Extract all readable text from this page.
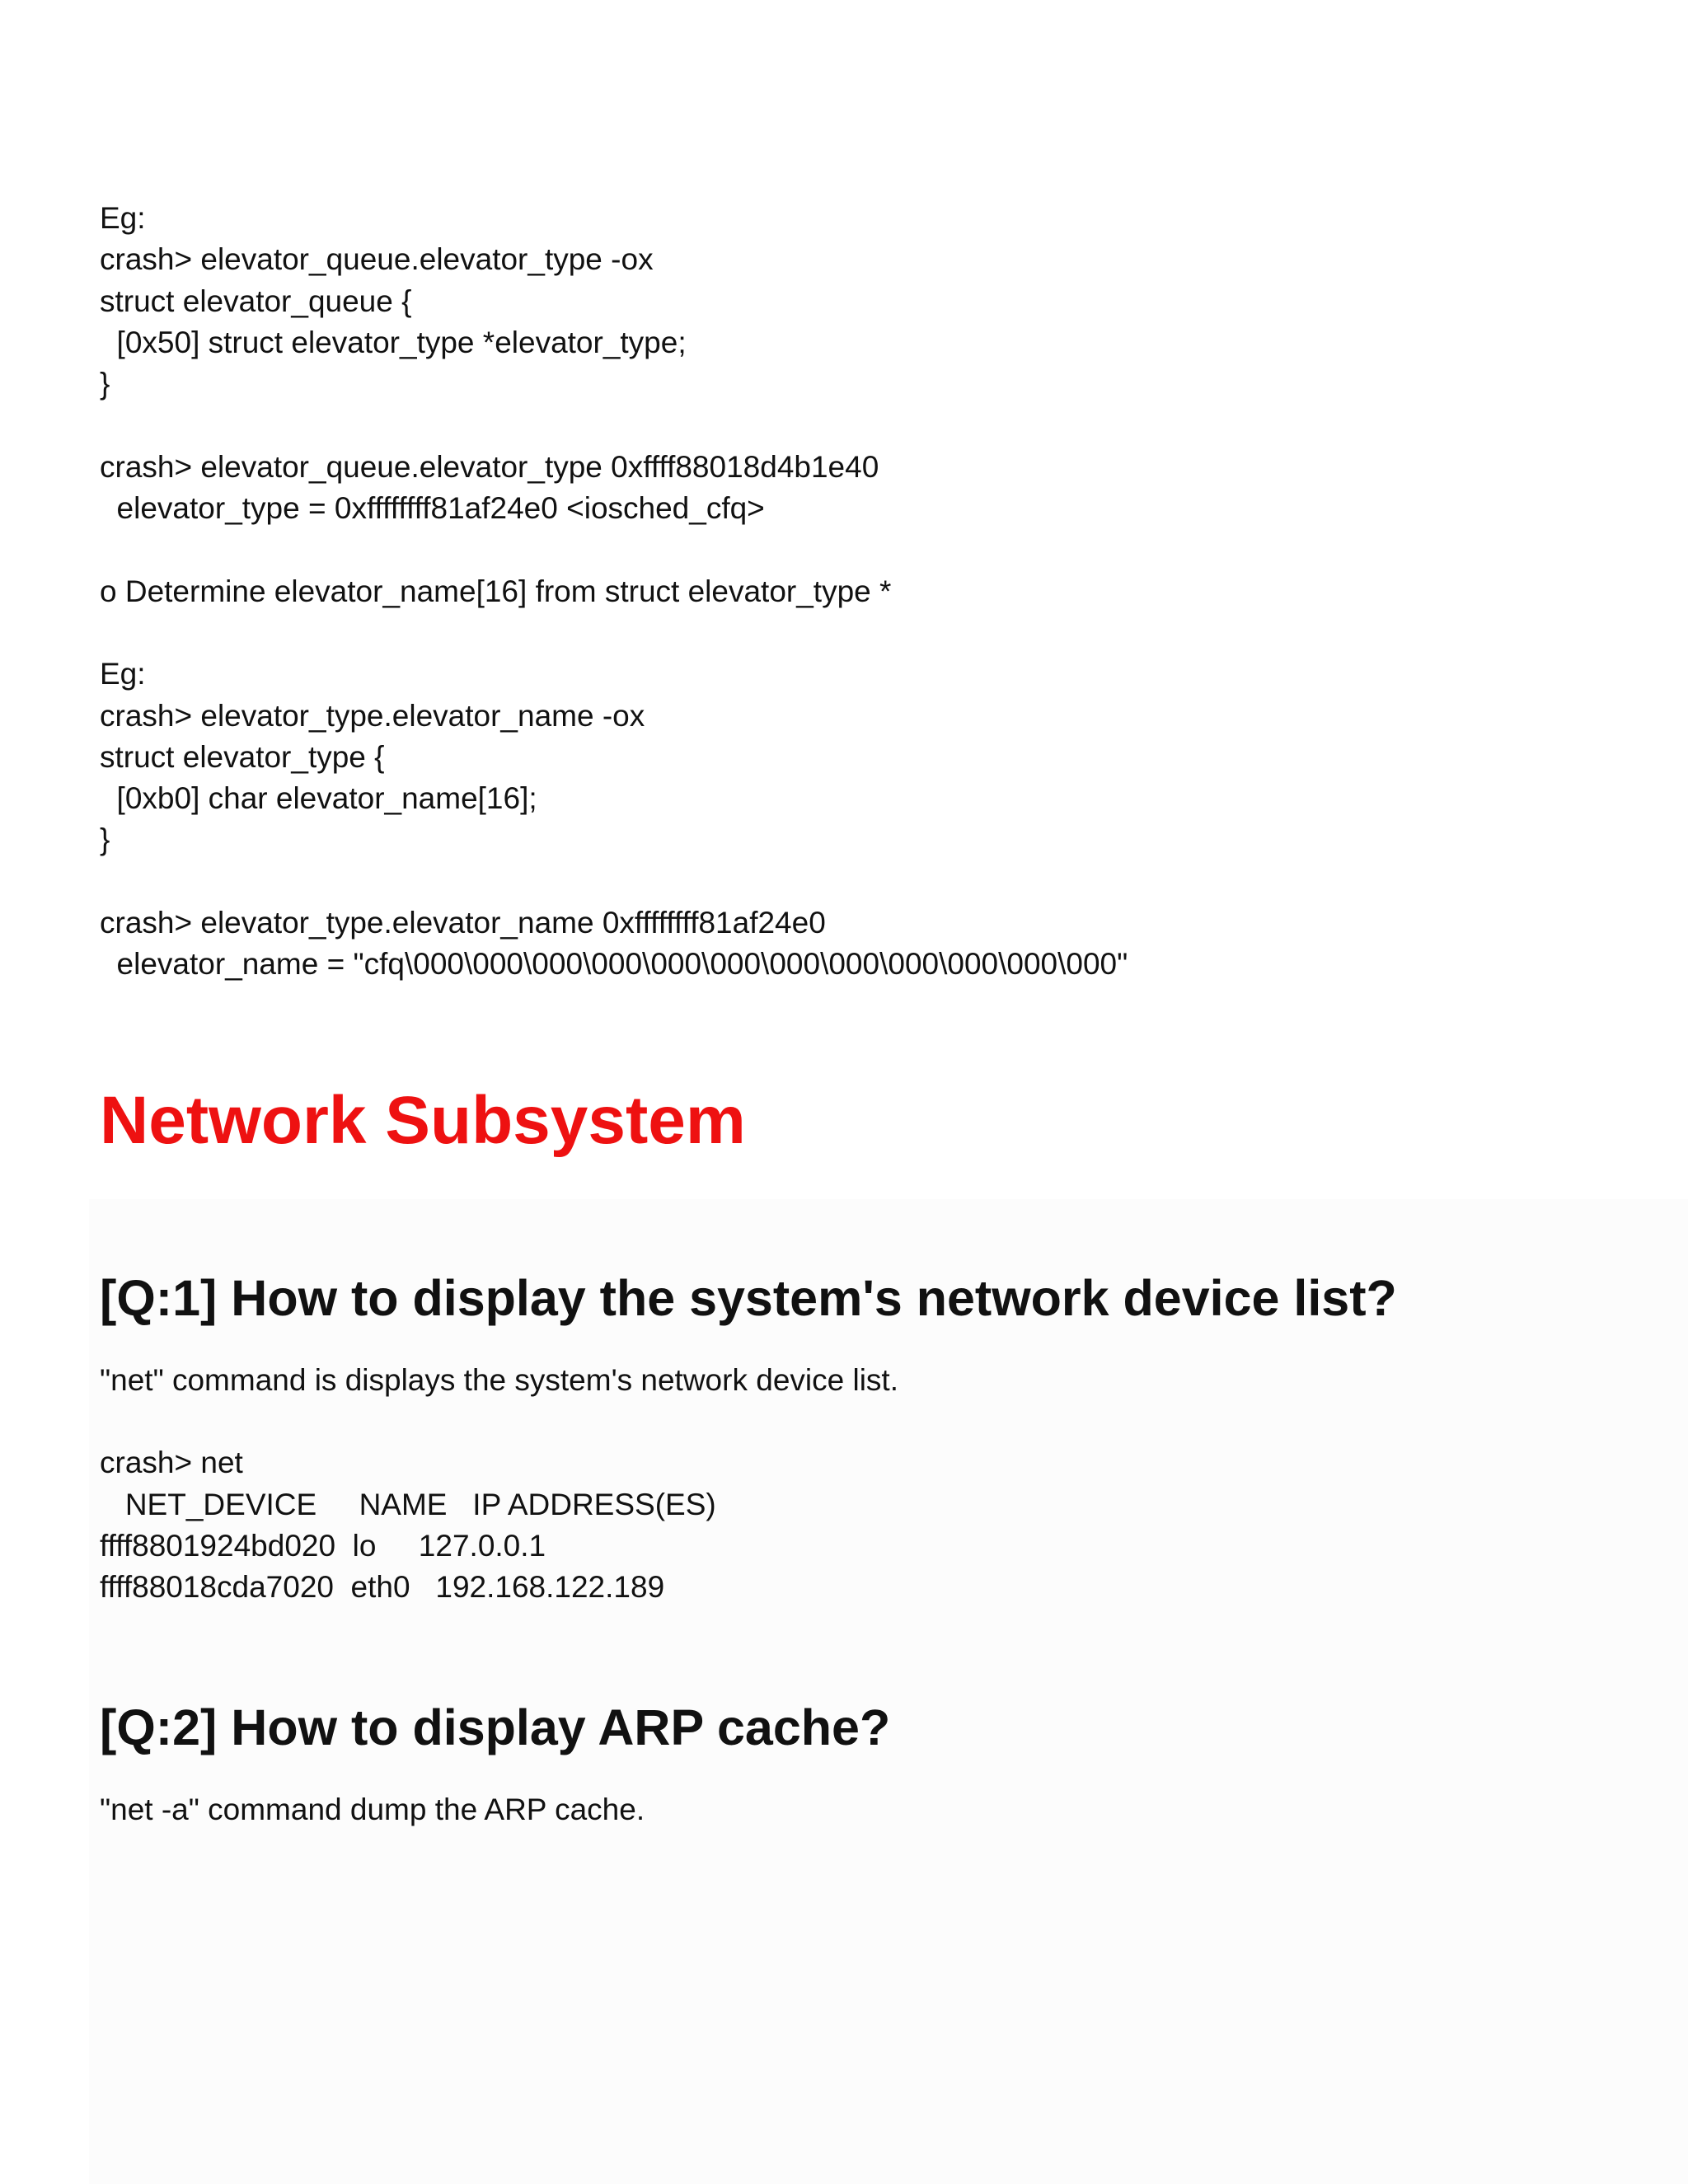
Eg:

crash> elevator_queue.elevator_type -ox

struct elevator_queue {

[0x50] struct elevator_type *elevator_type;

}

crash> elevator_queue.elevator_type 0xffff88018d4b1e40

elevator_type = 0xffffffff81af24e0 <iosched_cfq>

o Determine elevator_name[16] from struct elevator_type *

Eg:

crash> elevator_type.elevator_name -ox

struct elevator_type {

[0xb0] char elevator_name[16];

}

crash> elevator_type.elevator_name 0xffffffff81af24e0

elevator_name = "cfq\000\000\000\000\000\000\000\000\000\000\000\000"

Network Subsystem
[Q:1] How to display the system's network device list?

"net" command is displays the system's network device list.

crash> net

NET_DEVICE     NAME   IP ADDRESS(ES)

ffff8801924bd020  lo     127.0.0.1

ffff88018cda7020  eth0   192.168.122.189

[Q:2] How to display ARP cache?

"net -a" command dump the ARP cache.
